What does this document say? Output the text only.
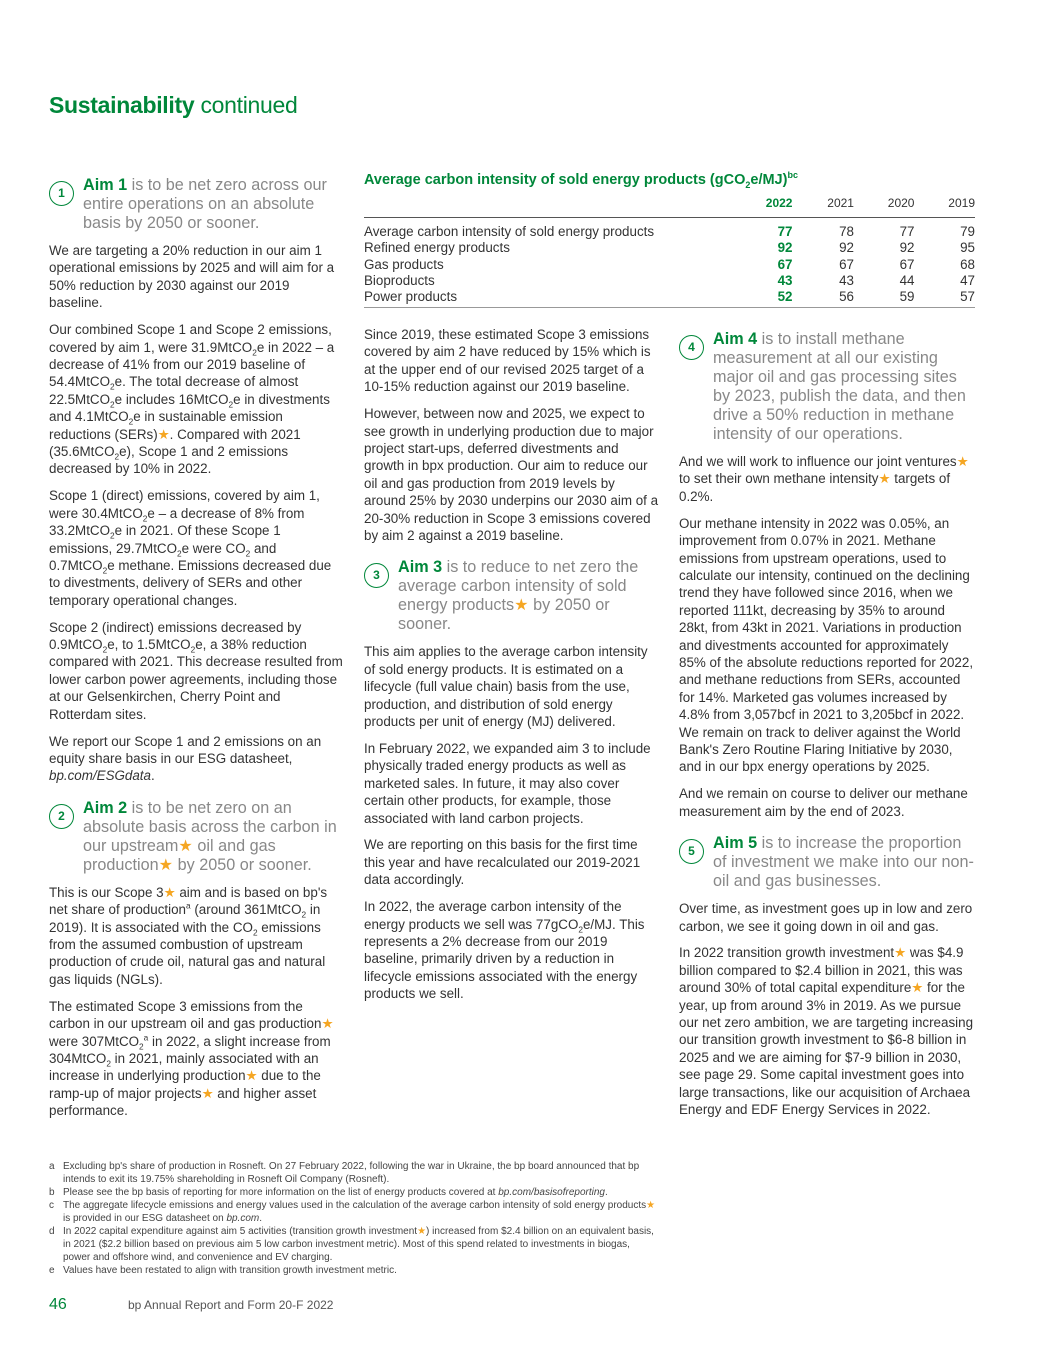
Sustainability continued
1	Aim 1 is to be net zero across our entire operations on an absolute basis by 2050 or sooner.

We are targeting a 20% reduction in our aim 1 operational emissions by 2025 and will aim for a 50% reduction by 2030 against our 2019 baseline.

Our combined Scope 1 and Scope 2 emissions, covered by aim 1, were 31.9MtCO$_2$e in 2022 – a decrease of 41% from our 2019 baseline of 54.4MtCO$_2$e. The total decrease of almost 22.5MtCO$_2$e includes 16MtCO$_2$e in divestments and 4.1MtCO$_2$e in sustainable emission reductions (SERs)★. Compared with 2021 (35.6MtCO$_2$e), Scope 1 and 2 emissions decreased by 10% in 2022.

Scope 1 (direct) emissions, covered by aim 1, were 30.4MtCO$_2$e – a decrease of 8% from 33.2MtCO$_2$e in 2021. Of these Scope 1 emissions, 29.7MtCO$_2$e were $CO_2$ and 0.7MtCO$_2$e methane. Emissions decreased due to divestments, delivery of SERs and other temporary operational changes.

Scope 2 (indirect) emissions decreased by 0.9MtCO$_2$e, to 1.5MtCO$_2$e, a 38% reduction compared with 2021. This decrease resulted from lower carbon power agreements, including those at our Gelsenkirchen, Cherry Point and Rotterdam sites.

We report our Scope 1 and 2 emissions on an equity share basis in our ESG datasheet, bp.com/ESGdata.

2	Aim 2 is to be net zero on an absolute basis across the carbon in our upstream★ oil and gas production★ by 2050 or sooner.

This is our Scope 3★ aim and is based on bp's net share of production$^a$ (around 361MtCO$_2$ in 2019). It is associated with the $CO_2$ emissions from the assumed combustion of upstream production of crude oil, natural gas and natural gas liquids (NGLs).

The estimated Scope 3 emissions from the carbon in our upstream oil and gas production★ were 307MtCO$_2^a$ in 2022, a slight increase from 304MtCO$_2$ in 2021, mainly associated with an increase in underlying production★ due to the ramp-up of major projects★ and higher asset performance.

Average carbon intensity of sold energy products $(gCO_2e/MJ)^{bc}$
	2022	2021	2020	2019
Average carbon intensity of sold energy products	77	78	77	79
Refined energy products	92	92	92	95
Gas products	67	67	67	68
Bioproducts	43	43	44	47
Power products	52	56	59	57

Since 2019, these estimated Scope 3 emissions covered by aim 2 have reduced by 15% which is at the upper end of our revised 2025 target of a 10-15% reduction against our 2019 baseline.

However, between now and 2025, we expect to see growth in underlying production due to major project start-ups, deferred divestments and growth in bpx production. Our aim to reduce our oil and gas production from 2019 levels by around 25% by 2030 underpins our 2030 aim of a 20-30% reduction in Scope 3 emissions covered by aim 2 against a 2019 baseline.

3	Aim 3 is to reduce to net zero the average carbon intensity of sold energy products★ by 2050 or sooner.

This aim applies to the average carbon intensity of sold energy products. It is estimated on a lifecycle (full value chain) basis from the use, production, and distribution of sold energy products per unit of energy (MJ) delivered.

In February 2022, we expanded aim 3 to include physically traded energy products as well as marketed sales. In future, it may also cover certain other products, for example, those associated with land carbon projects.

We are reporting on this basis for the first time this year and have recalculated our 2019-2021 data accordingly.

In 2022, the average carbon intensity of the energy products we sell was 77gCO$_2$e/MJ. This represents a 2% decrease from our 2019 baseline, primarily driven by a reduction in lifecycle emissions associated with the energy products we sell.

4	Aim 4 is to install methane measurement at all our existing major oil and gas processing sites by 2023, publish the data, and then drive a 50% reduction in methane intensity of our operations.

And we will work to influence our joint ventures★ to set their own methane intensity★ targets of 0.2%.

Our methane intensity in 2022 was 0.05%, an improvement from 0.07% in 2021. Methane emissions from upstream operations, used to calculate our intensity, continued on the declining trend they have followed since 2016, when we reported 111kt, decreasing by 35% to around 28kt, from 43kt in 2021. Variations in production and divestments accounted for approximately 85% of the absolute reductions reported for 2022, and methane reductions from SERs, accounted for 14%. Marketed gas volumes increased by 4.8% from 3,057bcf in 2021 to 3,205bcf in 2022. We remain on track to deliver against the World Bank's Zero Routine Flaring Initiative by 2030, and in our bpx energy operations by 2025.

And we remain on course to deliver our methane measurement aim by the end of 2023.

5	Aim 5 is to increase the proportion of investment we make into our non-oil and gas businesses.

Over time, as investment goes up in low and zero carbon, we see it going down in oil and gas.

In 2022 transition growth investment★ was $4.9 billion compared to $2.4 billion in 2021, this was around 30% of total capital expenditure★ for the year, up from around 3% in 2019. As we pursue our net zero ambition, we are targeting increasing our transition growth investment to $6-8 billion in 2025 and we are aiming for $7-9 billion in 2030, see page 29. Some capital investment goes into large transactions, like our acquisition of Archaea Energy and EDF Energy Services in 2022.

a Excluding bp's share of production in Rosneft. On 27 February 2022, following the war in Ukraine, the bp board announced that bp intends to exit its 19.75% shareholding in Rosneft Oil Company (Rosneft).
b Please see the bp basis of reporting for more information on the list of energy products covered at bp.com/basisofreporting.
c The aggregate lifecycle emissions and energy values used in the calculation of the average carbon intensity of sold energy products★ is provided in our ESG datasheet on bp.com.
d In 2022 capital expenditure against aim 5 activities (transition growth investment★) increased from $2.4 billion on an equivalent basis, in 2021 ($2.2 billion based on previous aim 5 low carbon investment metric). Most of this spend related to investments in biogas, power and offshore wind, and convenience and EV charging.
e Values have been restated to align with transition growth investment metric.
46	bp Annual Report and Form 20-F 2022
